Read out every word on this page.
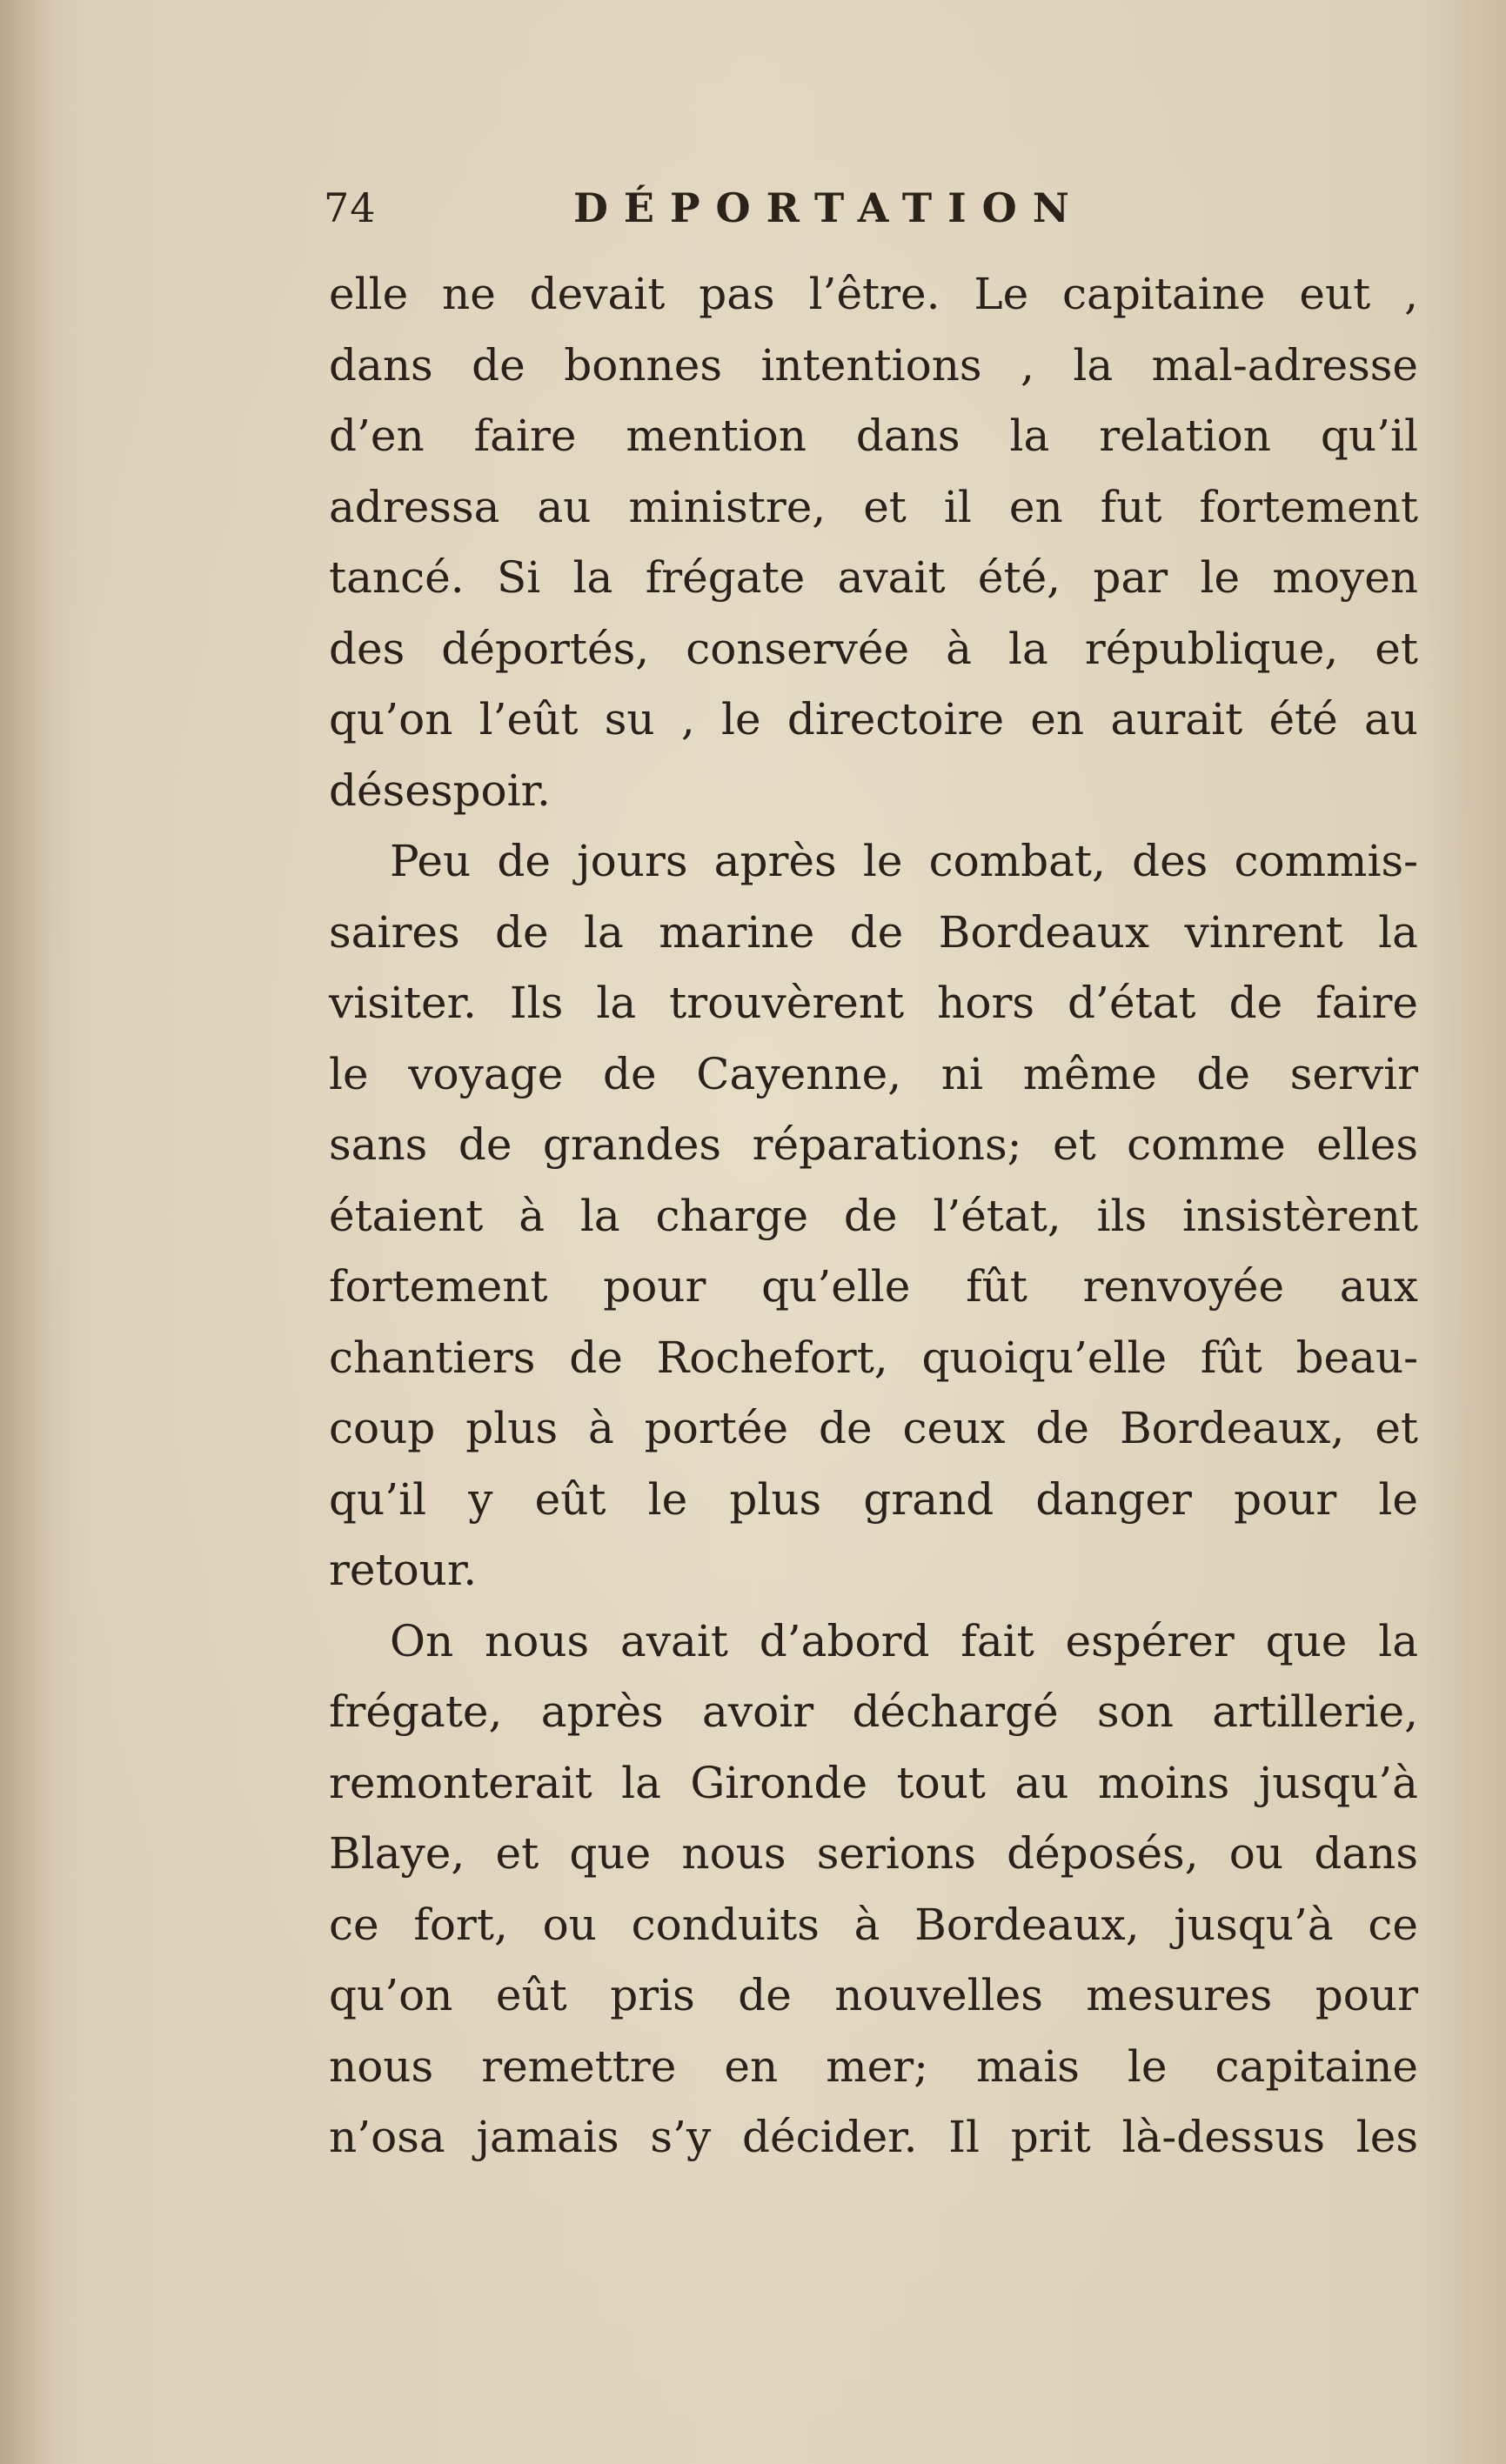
74	DÉPORTATION
elle ne devait pas l’être. Le capitaine eut ,
dans de bonnes intentions , la mal-adresse
d’en faire mention dans la relation qu’il
adressa au ministre, et il en fut fortement
tancé. Si la frégate avait été, par le moyen
des déportés, conservée à la république, et
qu’on l’eût su , le directoire en aurait été au
désespoir.
Peu de jours après le combat, des commis-
saires de la marine de Bordeaux vinrent la
visiter. Ils la trouvèrent hors d’état de faire
le voyage de Cayenne, ni même de servir
sans de grandes réparations; et comme elles
étaient à la charge de l’état, ils insistèrent
fortement pour qu’elle fût renvoyée aux
chantiers de Rochefort, quoiqu’elle fût beau-
coup plus à portée de ceux de Bordeaux, et
qu’il y eût le plus grand danger pour le
retour.
On nous avait d’abord fait espérer que la
frégate, après avoir déchargé son artillerie,
remonterait la Gironde tout au moins jusqu’à
Blaye, et que nous serions déposés, ou dans
ce fort, ou conduits à Bordeaux, jusqu’à ce
qu’on eût pris de nouvelles mesures pour
nous remettre en mer; mais le capitaine
n’osa jamais s’y décider. Il prit là-dessus les
